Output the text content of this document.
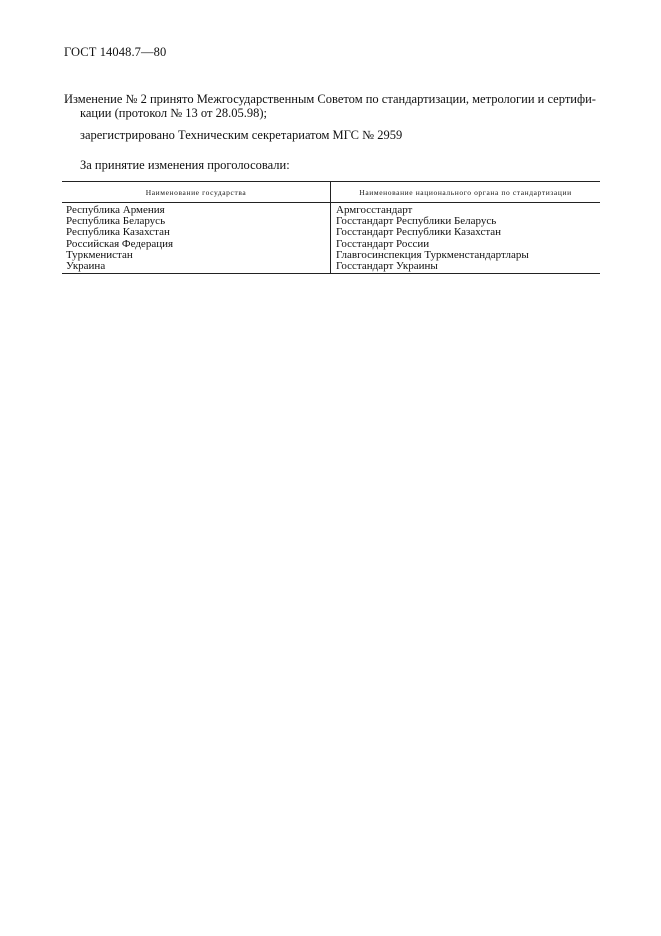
ГОСТ 14048.7—80
Изменение № 2 принято Межгосударственным Советом по стандартизации, метрологии и сертифи-
кации (протокол № 13 от 28.05.98);
зарегистрировано Техническим секретариатом МГС № 2959
За принятие изменения проголосовали:
Наименование государства	Наименование национального органа по стандартизации
Республика Армения	Армгосстандарт
Республика Беларусь	Госстандарт Республики Беларусь
Республика Казахстан	Госстандарт Республики Казахстан
Российская Федерация	Госстандарт России
Туркменистан	Главгосинспекция Туркменстандартлары
Украина	Госстандарт Украины
